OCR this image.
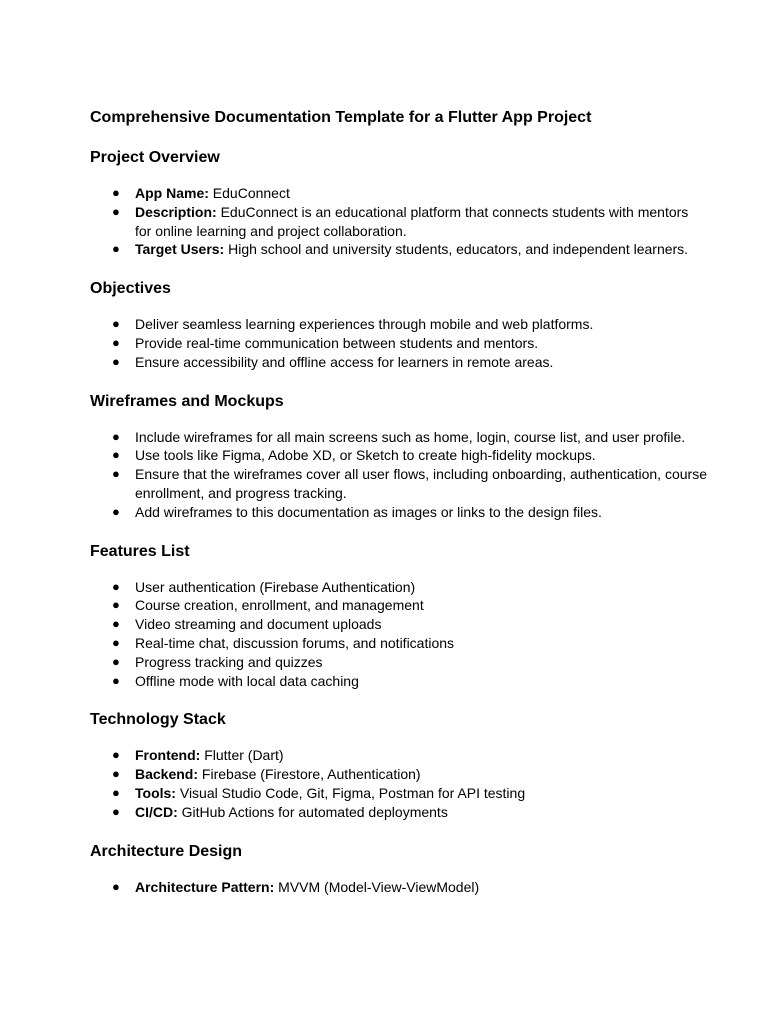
Comprehensive Documentation Template for a Flutter App Project
Project Overview
● App Name: EduConnect
● Description: EduConnect is an educational platform that connects students with mentors for online learning and project collaboration.
● Target Users: High school and university students, educators, and independent learners.
Objectives
● Deliver seamless learning experiences through mobile and web platforms.
● Provide real-time communication between students and mentors.
● Ensure accessibility and offline access for learners in remote areas.
Wireframes and Mockups
● Include wireframes for all main screens such as home, login, course list, and user profile.
● Use tools like Figma, Adobe XD, or Sketch to create high-fidelity mockups.
● Ensure that the wireframes cover all user flows, including onboarding, authentication, course enrollment, and progress tracking.
● Add wireframes to this documentation as images or links to the design files.
Features List
● User authentication (Firebase Authentication)
● Course creation, enrollment, and management
● Video streaming and document uploads
● Real-time chat, discussion forums, and notifications
● Progress tracking and quizzes
● Offline mode with local data caching
Technology Stack
● Frontend: Flutter (Dart)
● Backend: Firebase (Firestore, Authentication)
● Tools: Visual Studio Code, Git, Figma, Postman for API testing
● CI/CD: GitHub Actions for automated deployments
Architecture Design
● Architecture Pattern: MVVM (Model-View-ViewModel)
